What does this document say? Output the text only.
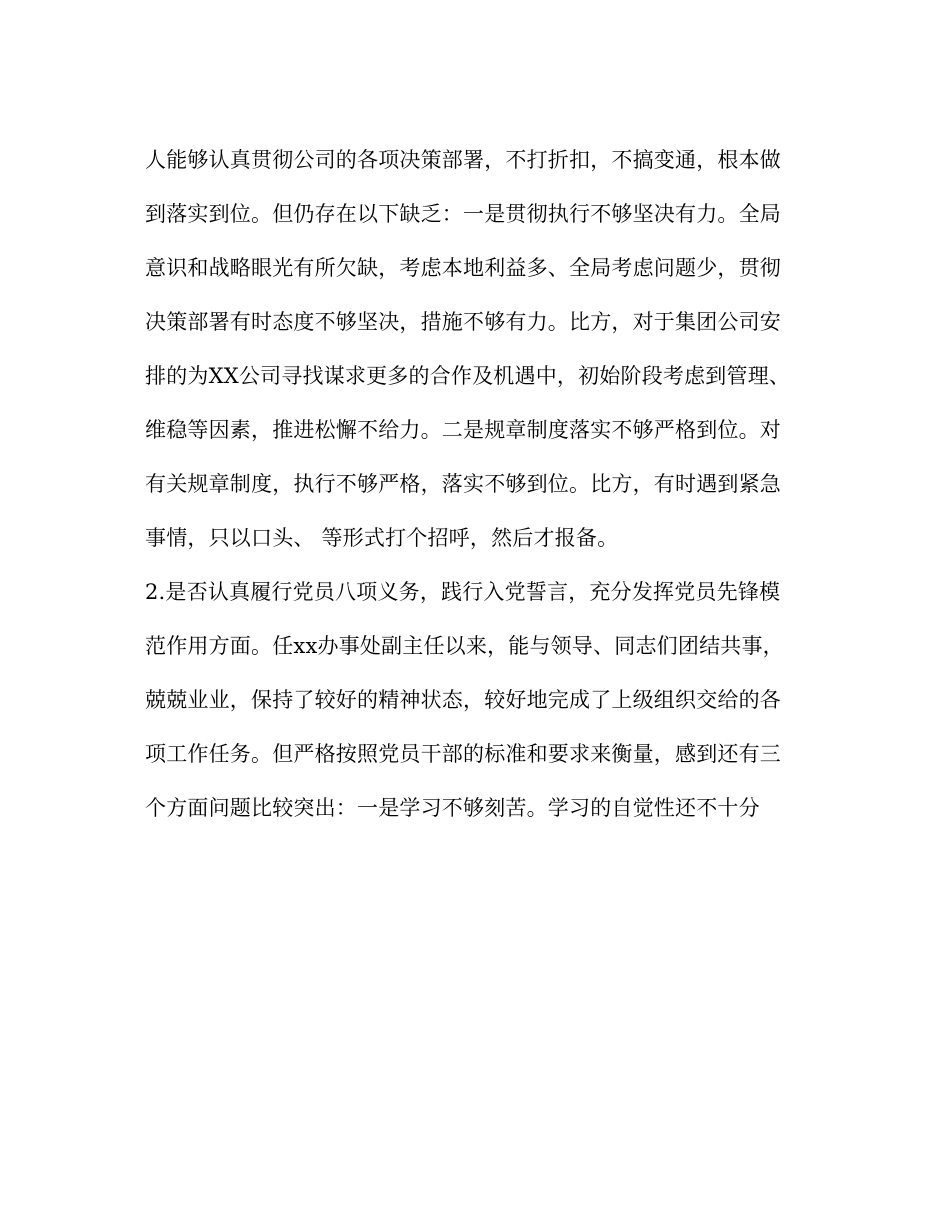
人能够认真贯彻公司的各项决策部署，不打折扣，不搞变通，根本做
到落实到位。但仍存在以下缺乏：一是贯彻执行不够坚决有力。全局
意识和战略眼光有所欠缺，考虑本地利益多、全局考虑问题少，贯彻
决策部署有时态度不够坚决，措施不够有力。比方，对于集团公司安
排的为XX公司寻找谋求更多的合作及机遇中，初始阶段考虑到管理、
维稳等因素，推进松懈不给力。二是规章制度落实不够严格到位。对
有关规章制度，执行不够严格，落实不够到位。比方，有时遇到紧急
事情，只以口头、 等形式打个招呼，然后才报备。
2.是否认真履行党员八项义务，践行入党誓言，充分发挥党员先锋模
范作用方面。任xx办事处副主任以来，能与领导、同志们团结共事，
兢兢业业，保持了较好的精神状态，较好地完成了上级组织交给的各
项工作任务。但严格按照党员干部的标准和要求来衡量，感到还有三
个方面问题比较突出：一是学习不够刻苦。学习的自觉性还不十分
